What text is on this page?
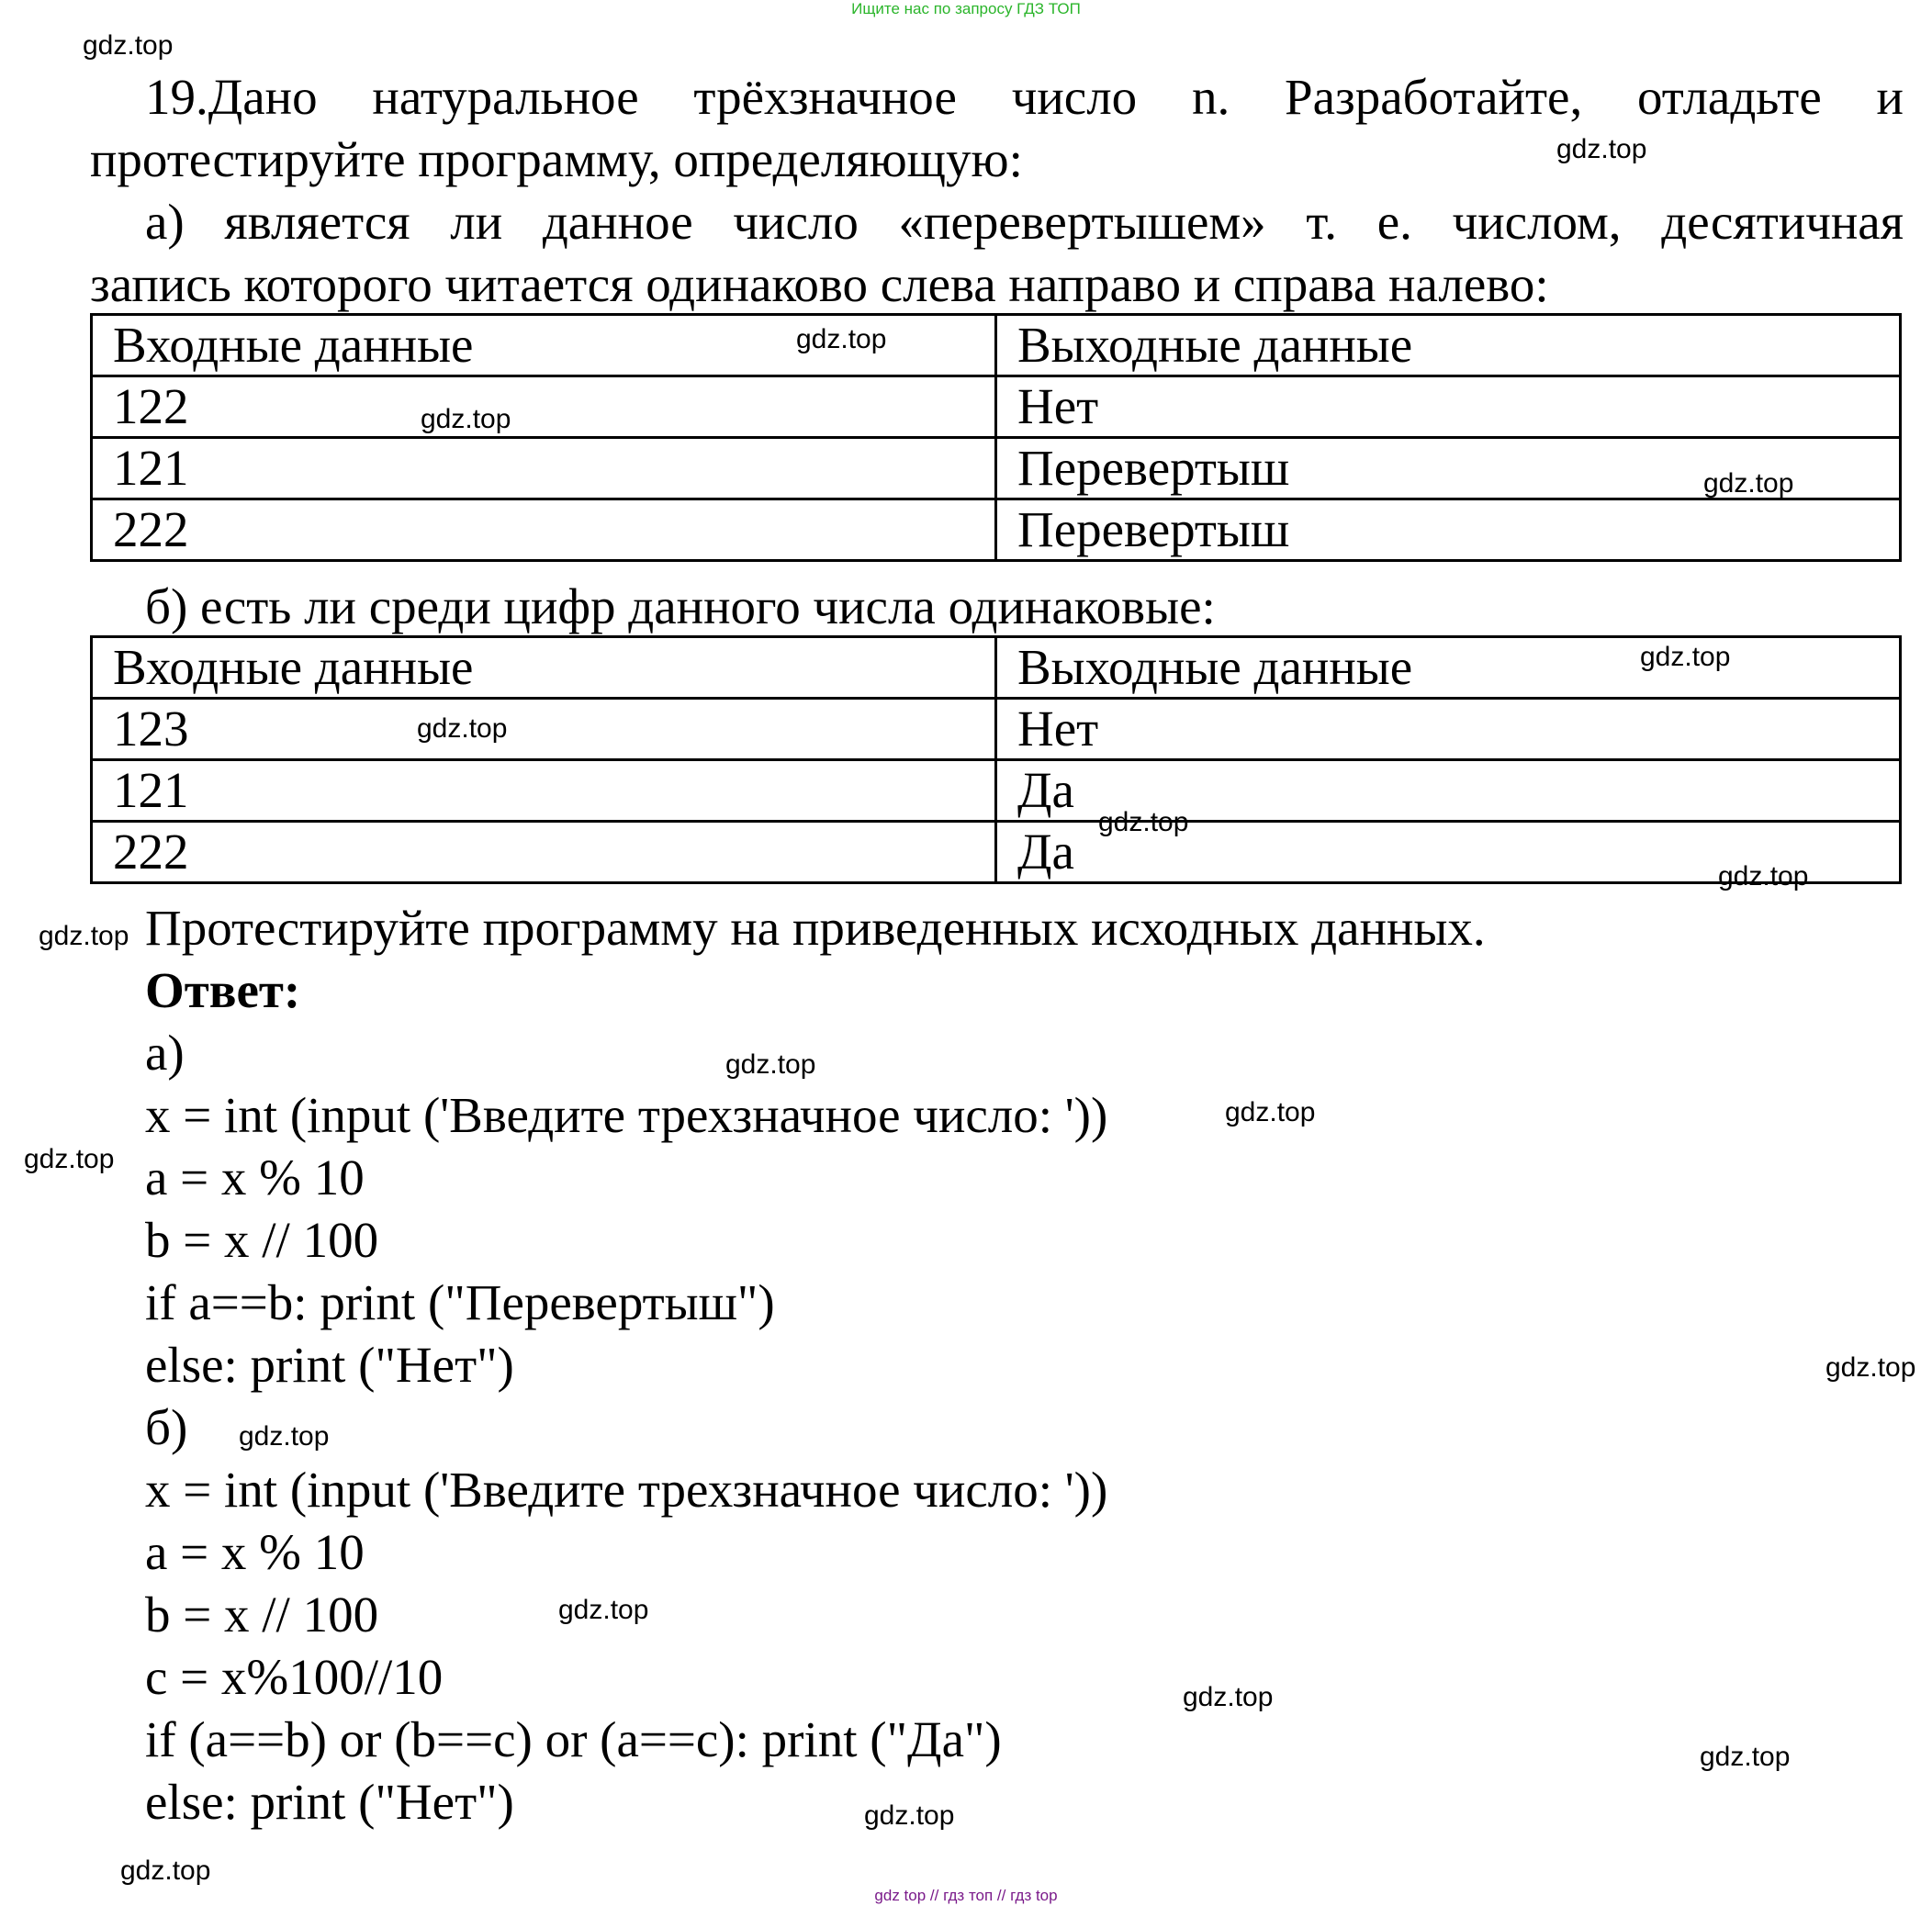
Ищите нас по запросу ГДЗ ТОП
19.Дано натуральное трёхзначное число n. Разработайте, отладьте и
протестируйте программу, определяющую:
а) является ли данное число «перевертышем» т. е. числом, десятичная
запись которого читается одинаково слева направо и справа налево:
Входные данные	Выходные данные
122	Нет
121	Перевертыш
222	Перевертыш
б) есть ли среди цифр данного числа одинаковые:
Входные данные	Выходные данные
123	Нет
121	Да
222	Да
Протестируйте программу на приведенных исходных данных.
Ответ:
а)
x = int (input ('Введите трехзначное число: '))
a = x % 10
b = x // 100
if a==b: print ("Перевертыш")
else: print ("Нет")
б)
x = int (input ('Введите трехзначное число: '))
a = x % 10
b = x // 100
c = x%100//10
if (a==b) or (b==c) or (a==c): print ("Да")
else: print ("Нет")
gdz.top
gdz.top
gdz.top
gdz.top
gdz.top
gdz.top
gdz.top
gdz.top
gdz.top
gdz.top
gdz.top
gdz.top
gdz.top
gdz.top
gdz.top
gdz.top
gdz.top
gdz.top
gdz.top
gdz.top
gdz top // гдз топ // гдз top
